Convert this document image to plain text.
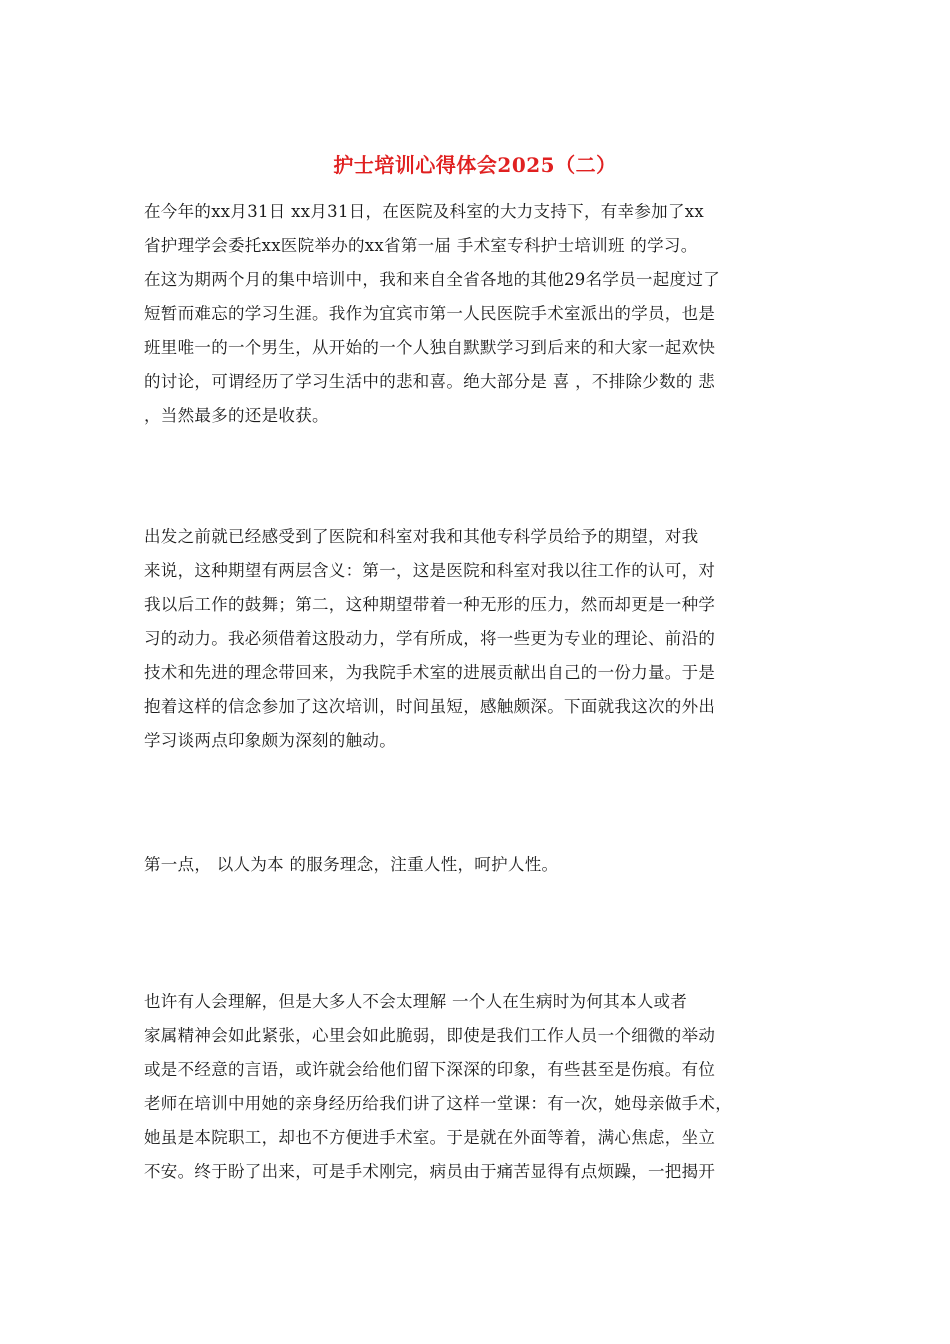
护士培训心得体会2025（二）
在今年的xx月31日 xx月31日，在医院及科室的大力支持下，有幸参加了xx
省护理学会委托xx医院举办的xx省第一届 手术室专科护士培训班 的学习。
在这为期两个月的集中培训中，我和来自全省各地的其他29名学员一起度过了
短暂而难忘的学习生涯。我作为宜宾市第一人民医院手术室派出的学员，也是
班里唯一的一个男生，从开始的一个人独自默默学习到后来的和大家一起欢快
的讨论，可谓经历了学习生活中的悲和喜。绝大部分是 喜 ，不排除少数的 悲
，当然最多的还是收获。
出发之前就已经感受到了医院和科室对我和其他专科学员给予的期望，对我
来说，这种期望有两层含义：第一，这是医院和科室对我以往工作的认可，对
我以后工作的鼓舞；第二，这种期望带着一种无形的压力，然而却更是一种学
习的动力。我必须借着这股动力，学有所成，将一些更为专业的理论、前沿的
技术和先进的理念带回来，为我院手术室的进展贡献出自己的一份力量。于是
抱着这样的信念参加了这次培训，时间虽短，感触颇深。下面就我这次的外出
学习谈两点印象颇为深刻的触动。
第一点， 以人为本 的服务理念，注重人性，呵护人性。
也许有人会理解，但是大多人不会太理解 一个人在生病时为何其本人或者
家属精神会如此紧张，心里会如此脆弱，即使是我们工作人员一个细微的举动
或是不经意的言语，或许就会给他们留下深深的印象，有些甚至是伤痕。有位
老师在培训中用她的亲身经历给我们讲了这样一堂课：有一次，她母亲做手术，
她虽是本院职工，却也不方便进手术室。于是就在外面等着，满心焦虑，坐立
不安。终于盼了出来，可是手术刚完，病员由于痛苦显得有点烦躁，一把揭开
